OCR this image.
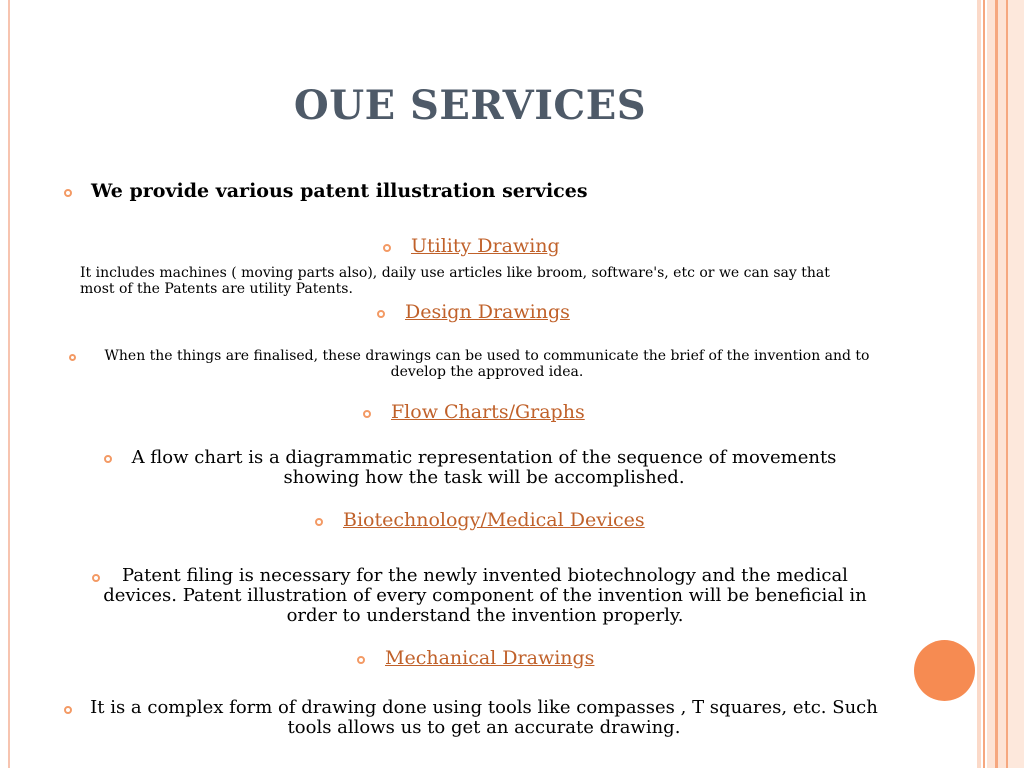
OUE SERVICES
We provide various patent illustration services
Utility Drawing
It includes machines ( moving parts also), daily use articles like broom, software's, etc or we can say that most of the Patents are utility Patents.
Design Drawings
When the things are finalised, these drawings can be used to communicate the brief of the invention and to develop the approved idea.
Flow Charts/Graphs
A flow chart is a diagrammatic representation of the sequence of movements showing how the task will be accomplished.
Biotechnology/Medical Devices
Patent filing is necessary for the newly invented biotechnology and the medical devices. Patent illustration of every component of the invention will be beneficial in order to understand the invention properly.
Mechanical Drawings
It is a complex form of drawing done using tools like compasses , T squares, etc. Such tools allows us to get an accurate drawing.
